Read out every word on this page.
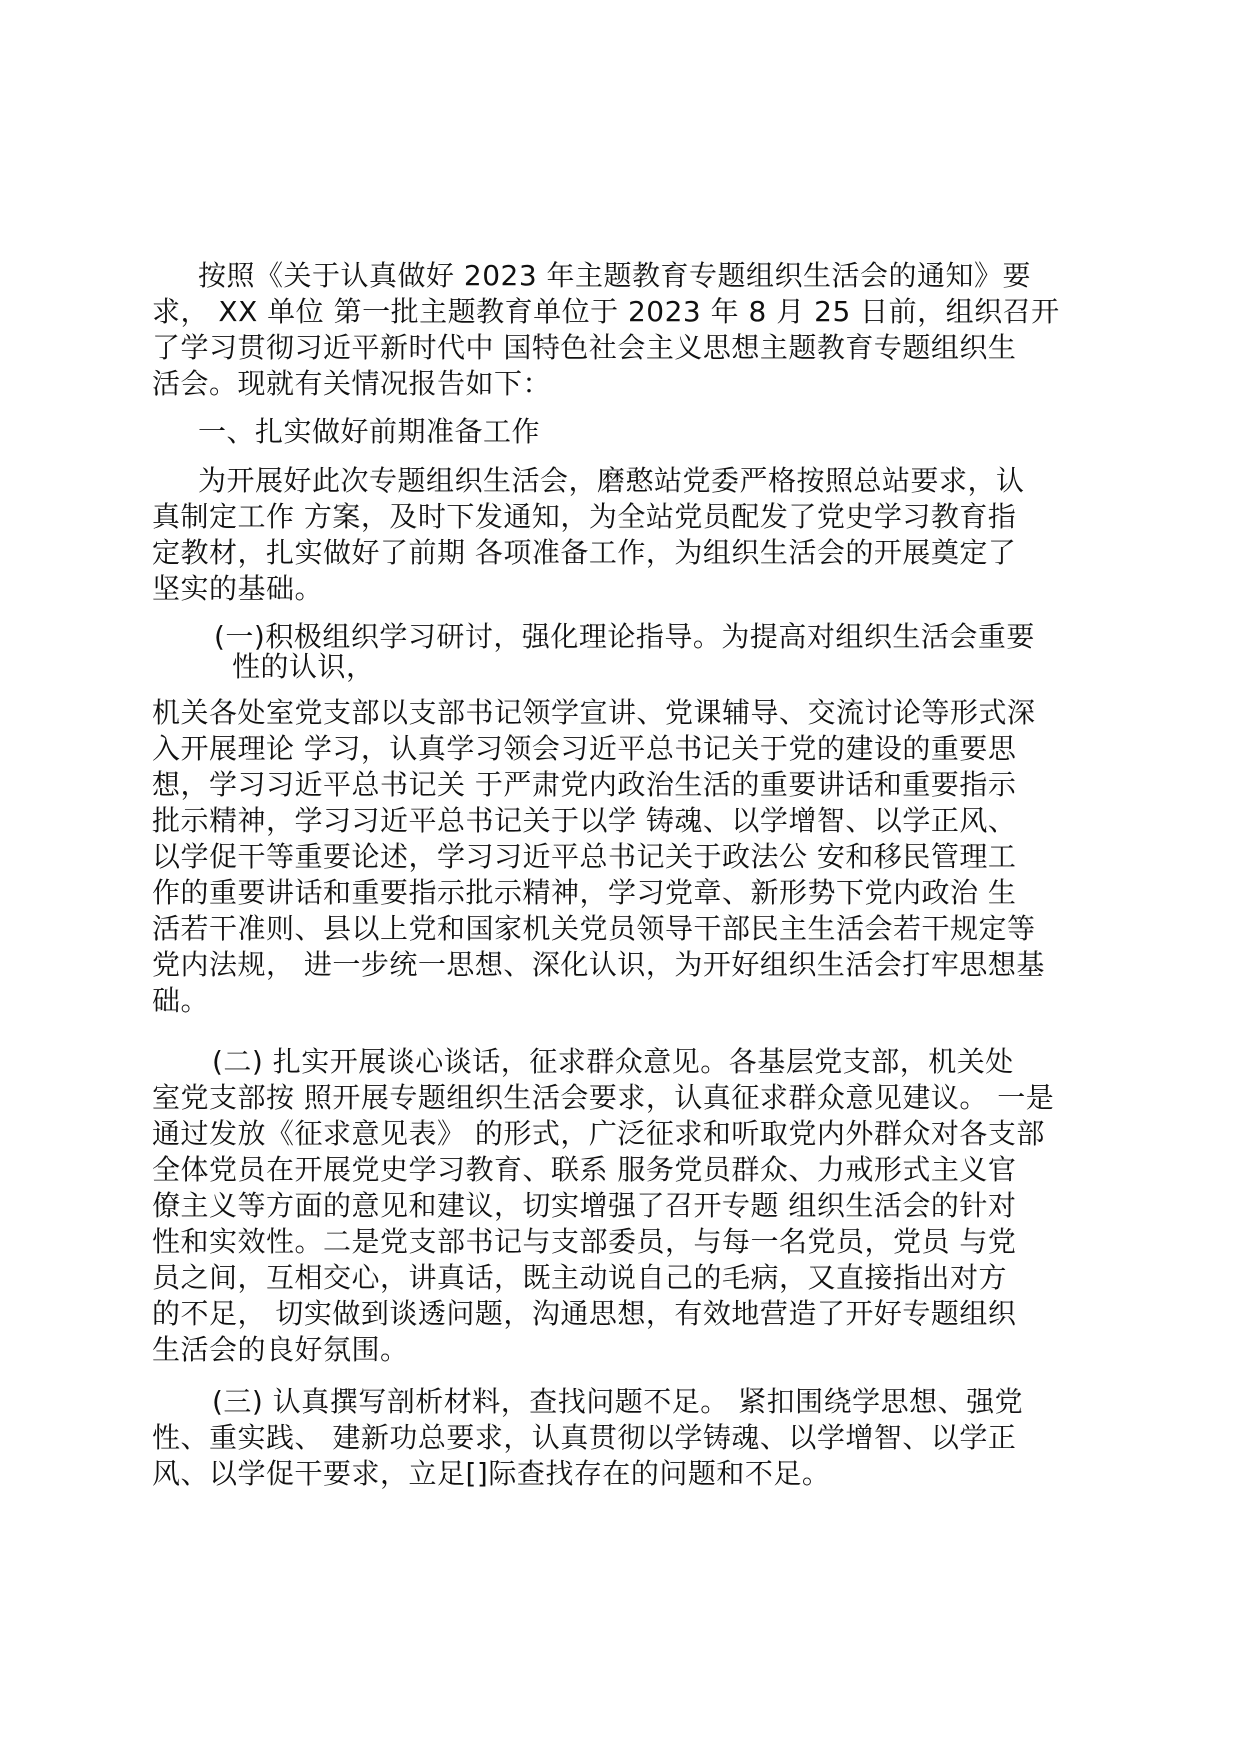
按照《关于认真做好 2023 年主题教育专题组织生活会的通知》要
求， XX 单位 第一批主题教育单位于 2023 年 8 月 25 日前，组织召开
了学习贯彻习近平新时代中 国特色社会主义思想主题教育专题组织生
活会。现就有关情况报告如下：
一、扎实做好前期准备工作
为开展好此次专题组织生活会，磨憨站党委严格按照总站要求，认
真制定工作 方案，及时下发通知，为全站党员配发了党史学习教育指
定教材，扎实做好了前期 各项准备工作，为组织生活会的开展奠定了
坚实的基础。
(一)积极组织学习研讨，强化理论指导。为提高对组织生活会重要
性的认识，
机关各处室党支部以支部书记领学宣讲、党课辅导、交流讨论等形式深
入开展理论 学习，认真学习领会习近平总书记关于党的建设的重要思
想，学习习近平总书记关 于严肃党内政治生活的重要讲话和重要指示
批示精神，学习习近平总书记关于以学 铸魂、以学增智、以学正风、
以学促干等重要论述，学习习近平总书记关于政法公 安和移民管理工
作的重要讲话和重要指示批示精神，学习党章、新形势下党内政治 生
活若干准则、县以上党和国家机关党员领导干部民主生活会若干规定等
党内法规， 进一步统一思想、深化认识，为开好组织生活会打牢思想基
础。
(二) 扎实开展谈心谈话，征求群众意见。各基层党支部，机关处
室党支部按 照开展专题组织生活会要求，认真征求群众意见建议。 一是
通过发放《征求意见表》 的形式，广泛征求和听取党内外群众对各支部
全体党员在开展党史学习教育、联系 服务党员群众、力戒形式主义官
僚主义等方面的意见和建议，切实增强了召开专题 组织生活会的针对
性和实效性。二是党支部书记与支部委员，与每一名党员，党员 与党
员之间，互相交心，讲真话，既主动说自己的毛病，又直接指出对方
的不足， 切实做到谈透问题，沟通思想，有效地营造了开好专题组织
生活会的良好氛围。
(三) 认真撰写剖析材料，查找问题不足。 紧扣围绕学思想、强党
性、重实践、 建新功总要求，认真贯彻以学铸魂、以学增智、以学正
风、以学促干要求，立足[]际查找存在的问题和不足。
